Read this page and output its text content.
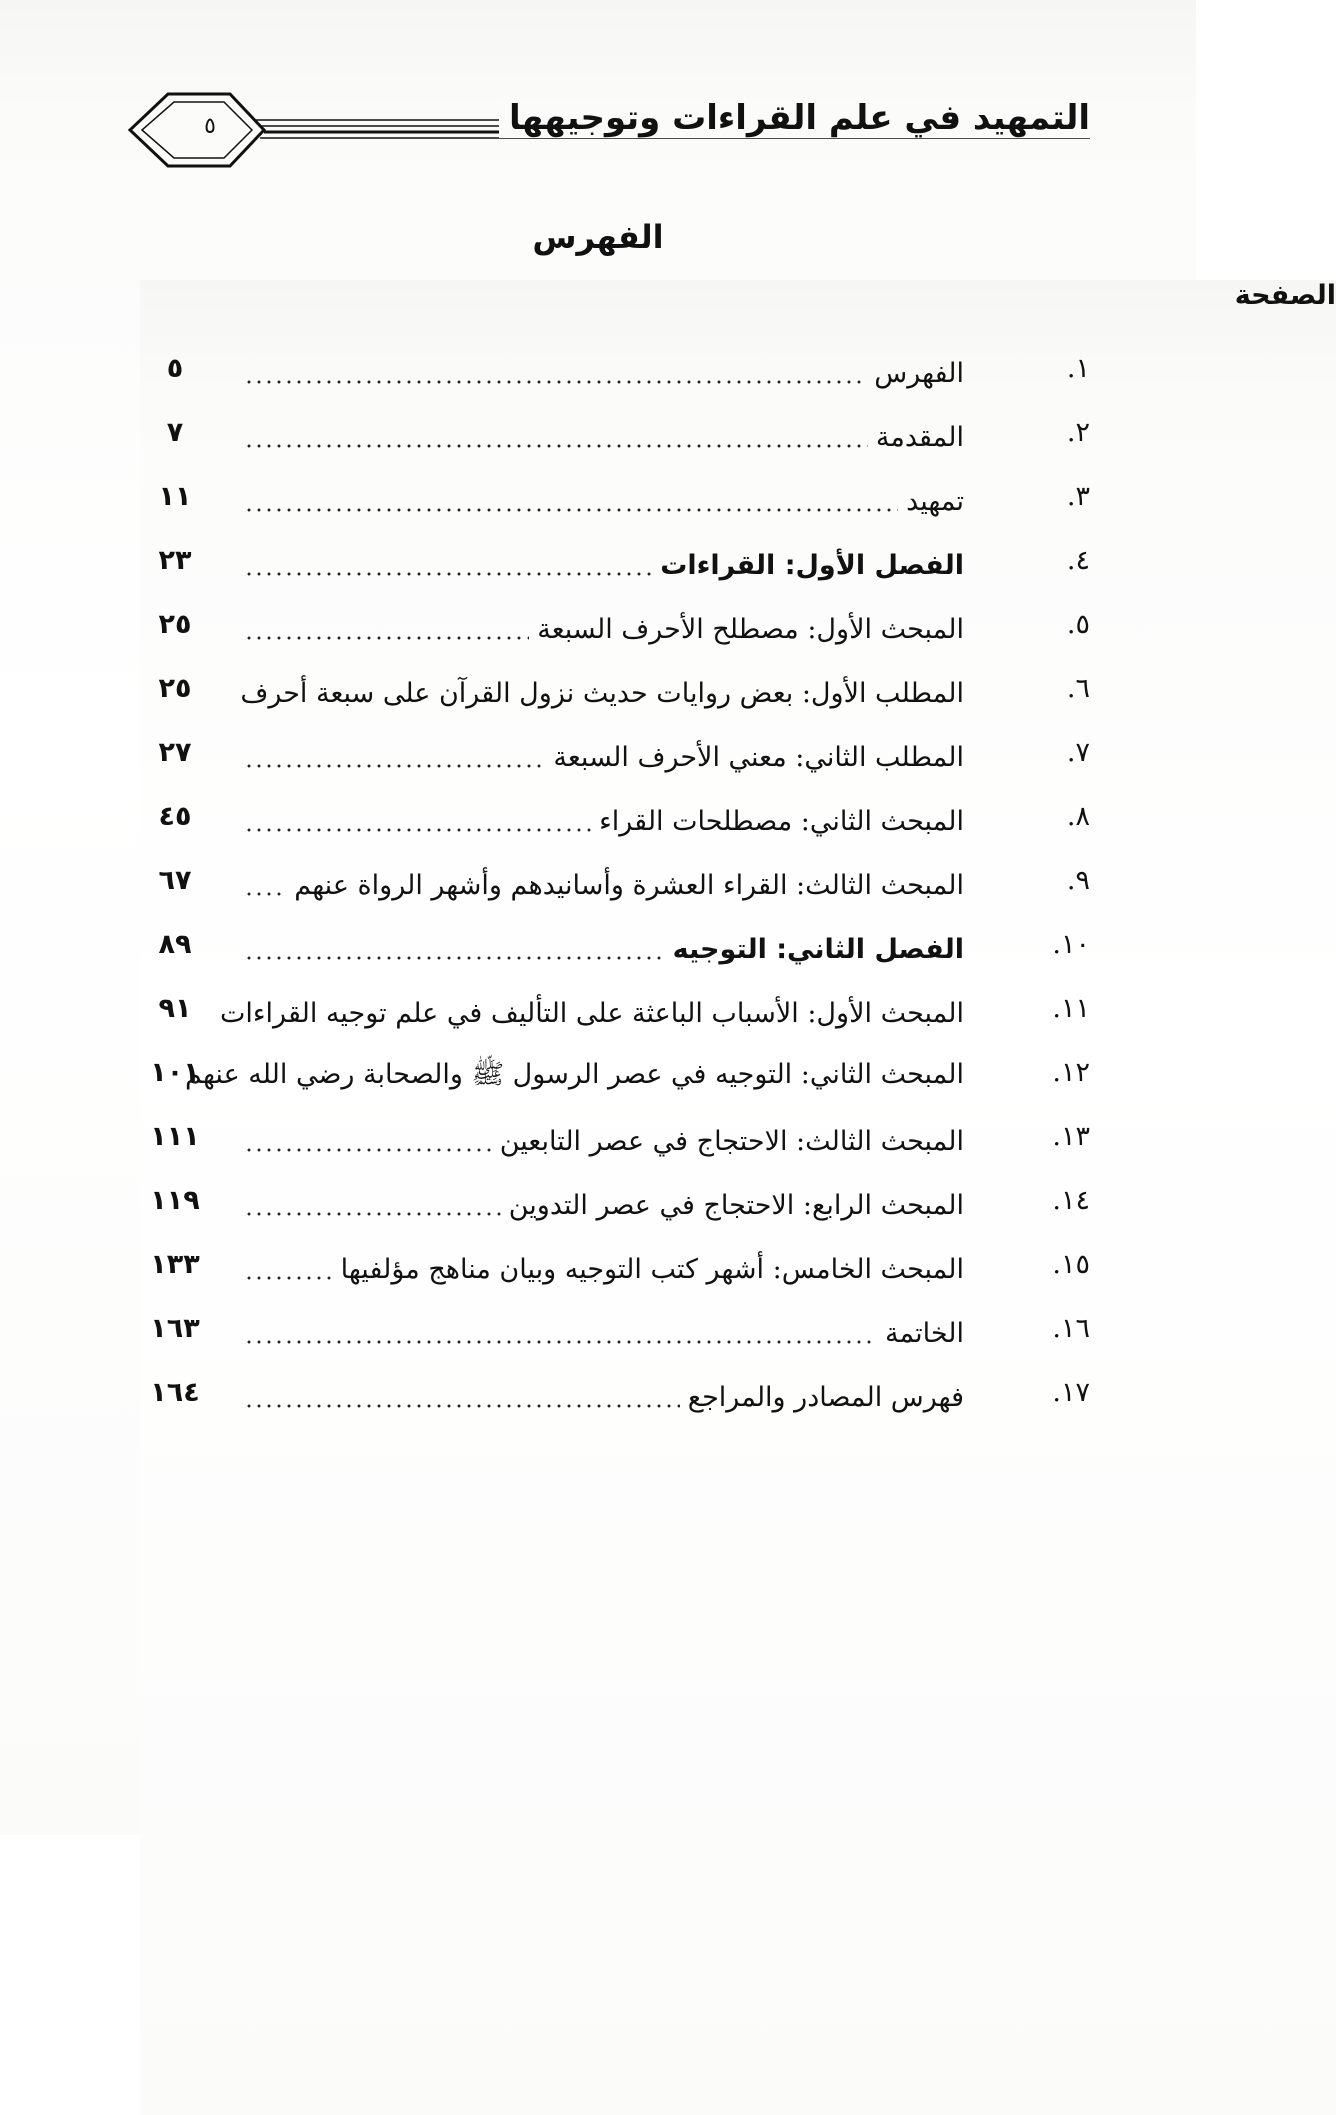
التمهيد في علم القراءات وتوجيهها
٥
الفهرس
الصفحة
١.
الفهرس
٥
٢.
المقدمة
٧
٣.
تمهيد
١١
٤.
الفصل الأول: القراءات
٢٣
٥.
المبحث الأول: مصطلح الأحرف السبعة
٢٥
٦.
المطلب الأول: بعض روايات حديث نزول القرآن على سبعة أحرف
٢٥
٧.
المطلب الثاني: معني الأحرف السبعة
٢٧
٨.
المبحث الثاني: مصطلحات القراء
٤٥
٩.
المبحث الثالث: القراء العشرة وأسانيدهم وأشهر الرواة عنهم
٦٧
١٠.
الفصل الثاني: التوجيه
٨٩
١١.
المبحث الأول: الأسباب الباعثة على التأليف في علم توجيه القراءات
٩١
١٢.
المبحث الثاني: التوجيه في عصر الرسول ﷺ والصحابة رضي الله عنهم
١٠١
١٣.
المبحث الثالث: الاحتجاج في عصر التابعين
١١١
١٤.
المبحث الرابع: الاحتجاج في عصر التدوين
١١٩
١٥.
المبحث الخامس: أشهر كتب التوجيه وبيان مناهج مؤلفيها
١٣٣
١٦.
الخاتمة
١٦٣
١٧.
فهرس المصادر والمراجع
١٦٤
